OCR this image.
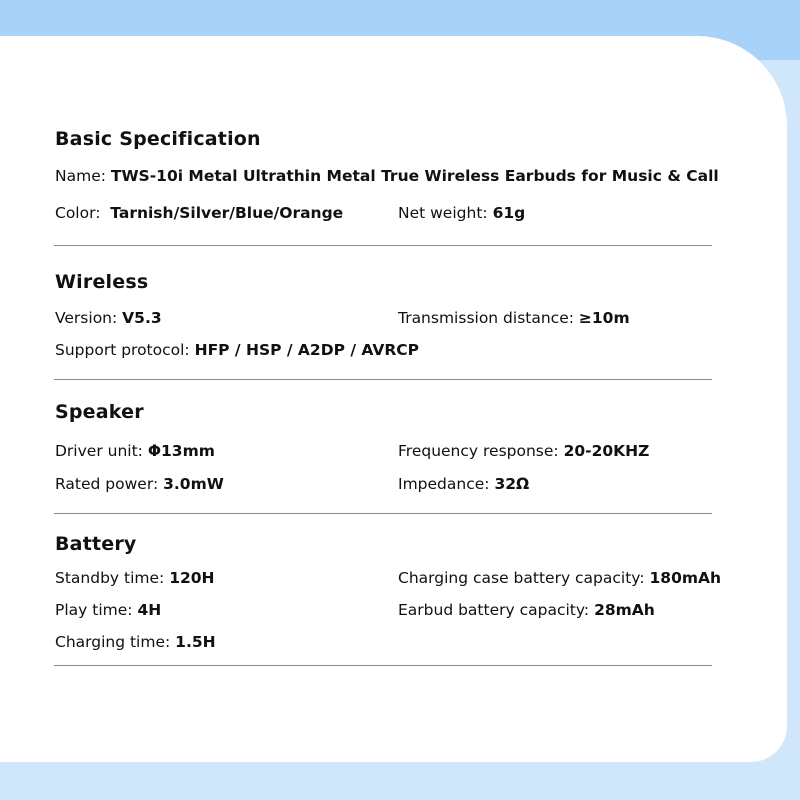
Basic Specification
Name: TWS-10i Metal Ultrathin Metal True Wireless Earbuds for Music & Call
Color: Tarnish/Silver/Blue/Orange	Net weight: 61g
Wireless
Version: V5.3	Transmission distance: ≥10m
Support protocol: HFP / HSP / A2DP / AVRCP
Speaker
Driver unit: Φ13mm	Frequency response: 20-20KHZ
Rated power: 3.0mW	Impedance: 32Ω
Battery
Standby time: 120H	Charging case battery capacity: 180mAh
Play time: 4H	Earbud battery capacity: 28mAh
Charging time: 1.5H
